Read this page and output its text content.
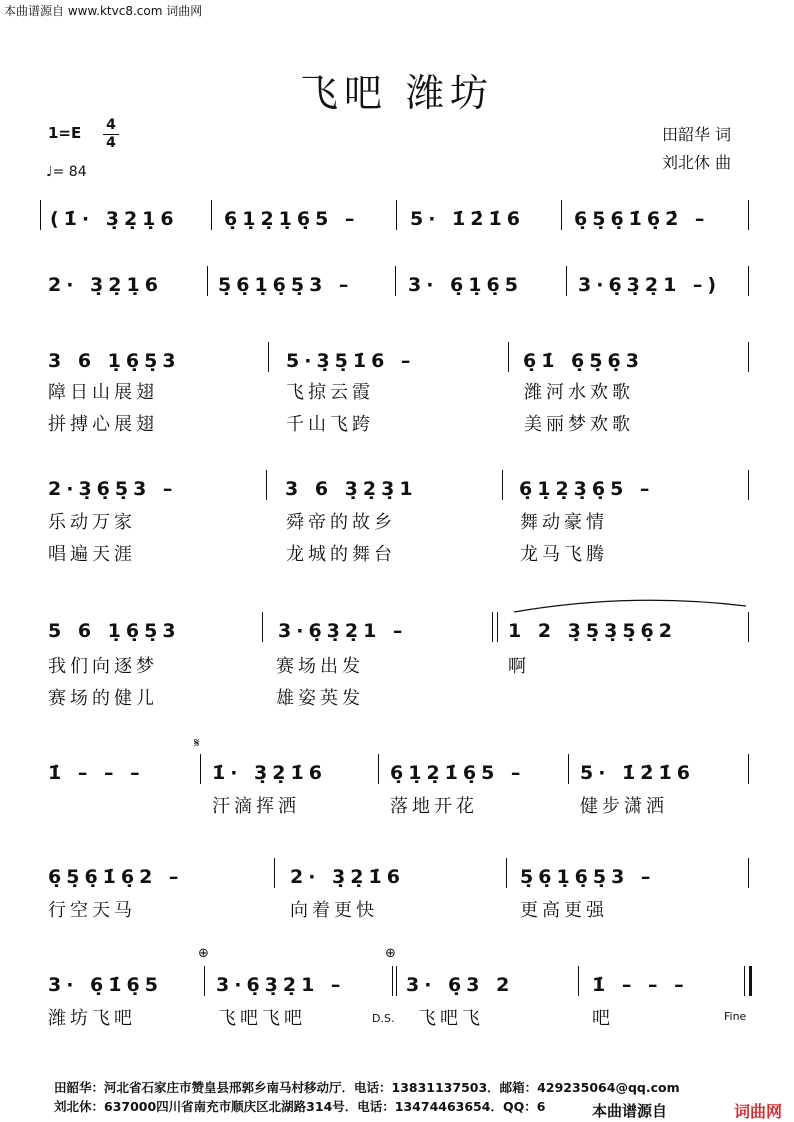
本曲谱源自 www.ktvc8.com 词曲网
飞吧 潍坊
1=E 4
4
♩= 84
田韶华 词
刘北休 曲
(1̇· 3̣2̣1̣6 6̣1̣2̣1̣6̣5 –	5· 1̇2̇1̇6	6̣5̣6̣1̇6̣2̇ –
2· 3̣2̣1̣6	5̣6̣1̣6̣5̣3 –	3· 6̣1̣6̣5	3·6̣3̣2̣1 –)
3 6 1̣6̣5̣3	5·3̣5̣1̇6 –	6̣1̇ 6̣5̣6̣3
障日山展翅	飞掠云霞	潍河水欢歌
拼搏心展翅	千山飞跨	美丽梦欢歌
2·3̣6̣5̣3 –	3 6 3̣2̣3̣1	6̣1̣2̣3̣6̣5 –
乐动万家	舜帝的故乡	舞动豪情
唱遍天涯	龙城的舞台	龙马飞腾
5 6 1̣6̣5̣3	3·6̣3̣2̣1 –	1 2 3̣5̣3̣5̣6̣2
我们向逐梦	赛场出发	啊
赛场的健儿	雄姿英发
𝄋
1̇ – – –	1̇· 3̣2̣1̇6	6̣1̣2̣1̇6̣5 –	5· 1̇2̇1̇6
汗滴挥洒	落地开花	健步潇洒
6̣5̣6̣1̇6̣2 –	2· 3̣2̣1̇6	5̣6̣1̣6̣5̣3 –
行空天马	向着更快	更高更强
⊕	⊕
3· 6̣1̇6̣5	3·6̣3̣2̣1 –	3· 6̣3 2	1̇ – – –
潍坊飞吧	飞吧飞吧	飞吧飞	吧
D.S.	Fine
田韶华：河北省石家庄市赞皇县邢郭乡南马村移动厅．电话：13831137503．邮箱：429235064@qq.com
刘北休：637000四川省南充市顺庆区北湖路314号．电话：13474463654．QQ：6	本曲谱源自	词曲网
